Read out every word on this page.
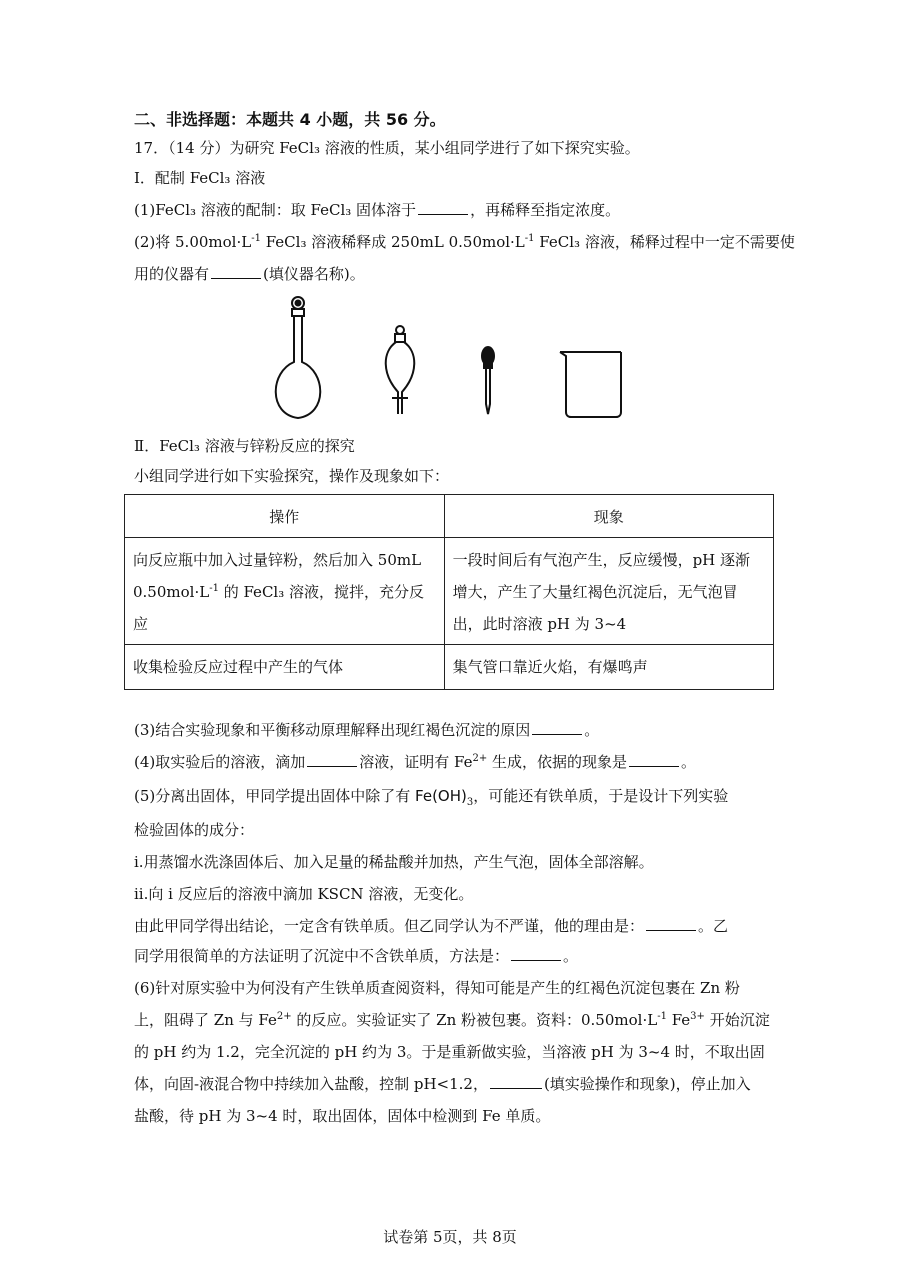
二、非选择题：本题共 4 小题，共 56 分。
17．（14 分）为研究 FeCl₃ 溶液的性质，某小组同学进行了如下探究实验。
Ⅰ．配制 FeCl₃ 溶液
(1)FeCl₃ 溶液的配制：取 FeCl₃ 固体溶于	，再稀释至指定浓度。
(2)将 $5.00mol\cdot L^{-1}$ FeCl₃ 溶液稀释成 250mL $0.50mol\cdot L^{-1}$ FeCl₃ 溶液，稀释过程中一定不需要使
用的仪器有	(填仪器名称)。
Ⅱ．FeCl₃ 溶液与锌粉反应的探究
小组同学进行如下实验探究，操作及现象如下：
操作	现象

向反应瓶中加入过量锌粉，然后加入 50mL $0.50mol\cdot L^{-1}$ 的 FeCl₃ 溶液，搅拌，充分反应	一段时间后有气泡产生，反应缓慢，pH 逐渐增大，产生了大量红褐色沉淀后，无气泡冒出，此时溶液 pH 为 3~4

收集检验反应过程中产生的气体	集气管口靠近火焰，有爆鸣声
(3)结合实验现象和平衡移动原理解释出现红褐色沉淀的原因	。
(4)取实验后的溶液，滴加	溶液，证明有 $Fe^{2+}$ 生成，依据的现象是	。
(5)分离出固体，甲同学提出固体中除了有 $Fe(OH)_3$，可能还有铁单质，于是设计下列实验
检验固体的成分：
i.用蒸馏水洗涤固体后、加入足量的稀盐酸并加热，产生气泡，固体全部溶解。
ii.向 i 反应后的溶液中滴加 KSCN 溶液，无变化。
由此甲同学得出结论，一定含有铁单质。但乙同学认为不严谨，他的理由是：	。乙
同学用很简单的方法证明了沉淀中不含铁单质，方法是：	。
(6)针对原实验中为何没有产生铁单质查阅资料，得知可能是产生的红褐色沉淀包裹在 Zn 粉
上，阻碍了 Zn 与 $Fe^{2+}$ 的反应。实验证实了 Zn 粉被包裹。资料：$0.50mol\cdot L^{-1}$ $Fe^{3+}$ 开始沉淀
的 pH 约为 1.2，完全沉淀的 pH 约为 3。于是重新做实验，当溶液 pH 为 3~4 时，不取出固
体，向固-液混合物中持续加入盐酸，控制 pH<1.2，	(填实验操作和现象)，停止加入
盐酸，待 pH 为 3~4 时，取出固体，固体中检测到 Fe 单质。
试卷第 5页，共 8页
